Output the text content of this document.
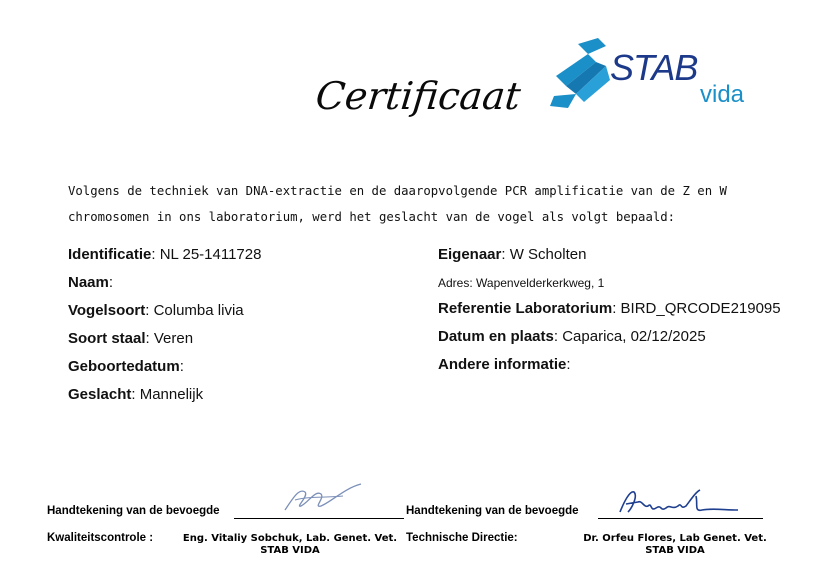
Certificaat
STAB
vida
Volgens de techniek van DNA-extractie en de daaropvolgende PCR amplificatie van de Z en W
chromosomen in ons laboratorium, werd het geslacht van de vogel als volgt bepaald:
Identificatie: NL 25-1411728
Naam:
Vogelsoort: Columba livia
Soort staal: Veren
Geboortedatum:
Geslacht: Mannelijk
Eigenaar: W Scholten
Adres: Wapenvelderkerkweg, 1
Referentie Laboratorium: BIRD_QRCODE219095
Datum en plaats: Caparica, 02/12/2025
Andere informatie:
Handtekening van de bevoegde
Kwaliteitscontrole :	Eng. Vitaliy Sobchuk, Lab. Genet. Vet.
STAB VIDA
Handtekening van de bevoegde
Technische Directie:	Dr. Orfeu Flores, Lab Genet. Vet.
STAB VIDA
